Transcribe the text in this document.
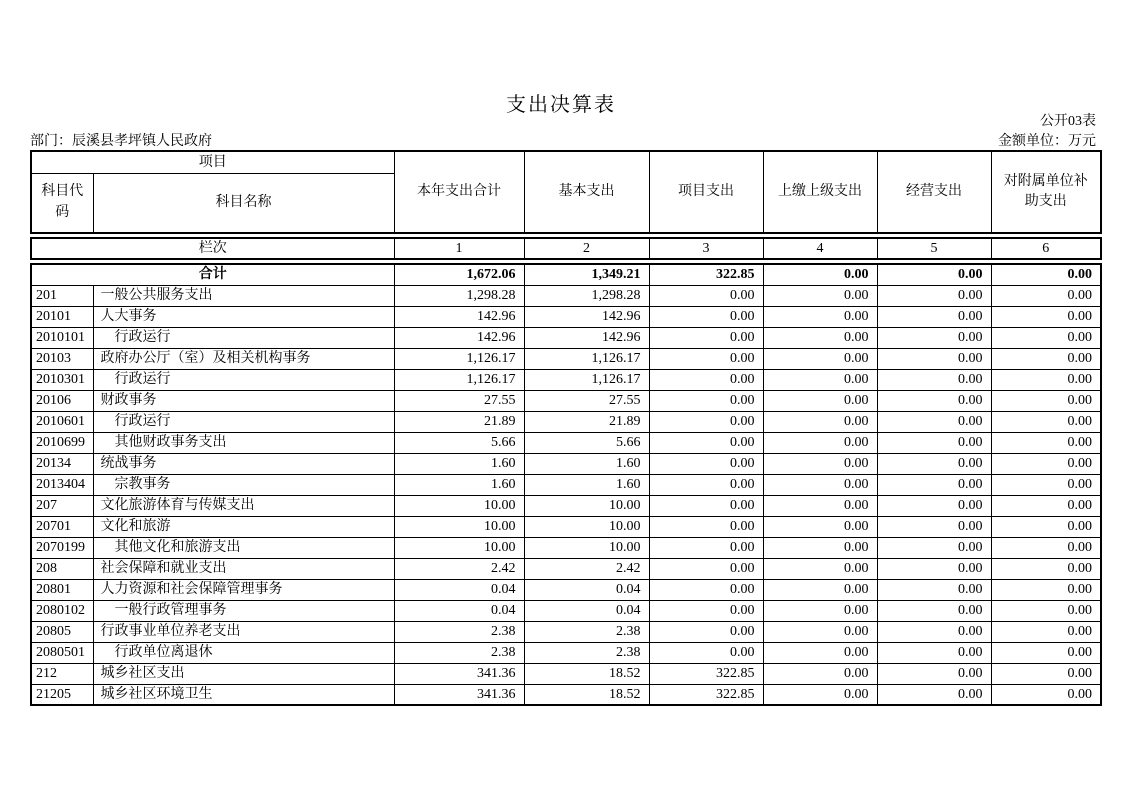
支出决算表
公开03表
部门：辰溪县孝坪镇人民政府	金额单位：万元
项目		本年支出合计	基本支出	项目支出	上缴上级支出	经营支出	对附属单位补助支出
科目代码	科目名称						
栏次	1	2	3	4	5	6
合计		1,672.06	1,349.21	322.85	0.00	0.00	0.00
201	一般公共服务支出	1,298.28	1,298.28	0.00	0.00	0.00	0.00
20101	人大事务	142.96	142.96	0.00	0.00	0.00	0.00
2010101	行政运行	142.96	142.96	0.00	0.00	0.00	0.00
20103	政府办公厅（室）及相关机构事务	1,126.17	1,126.17	0.00	0.00	0.00	0.00
2010301	行政运行	1,126.17	1,126.17	0.00	0.00	0.00	0.00
20106	财政事务	27.55	27.55	0.00	0.00	0.00	0.00
2010601	行政运行	21.89	21.89	0.00	0.00	0.00	0.00
2010699	其他财政事务支出	5.66	5.66	0.00	0.00	0.00	0.00
20134	统战事务	1.60	1.60	0.00	0.00	0.00	0.00
2013404	宗教事务	1.60	1.60	0.00	0.00	0.00	0.00
207	文化旅游体育与传媒支出	10.00	10.00	0.00	0.00	0.00	0.00
20701	文化和旅游	10.00	10.00	0.00	0.00	0.00	0.00
2070199	其他文化和旅游支出	10.00	10.00	0.00	0.00	0.00	0.00
208	社会保障和就业支出	2.42	2.42	0.00	0.00	0.00	0.00
20801	人力资源和社会保障管理事务	0.04	0.04	0.00	0.00	0.00	0.00
2080102	一般行政管理事务	0.04	0.04	0.00	0.00	0.00	0.00
20805	行政事业单位养老支出	2.38	2.38	0.00	0.00	0.00	0.00
2080501	行政单位离退休	2.38	2.38	0.00	0.00	0.00	0.00
212	城乡社区支出	341.36	18.52	322.85	0.00	0.00	0.00
21205	城乡社区环境卫生	341.36	18.52	322.85	0.00	0.00	0.00
